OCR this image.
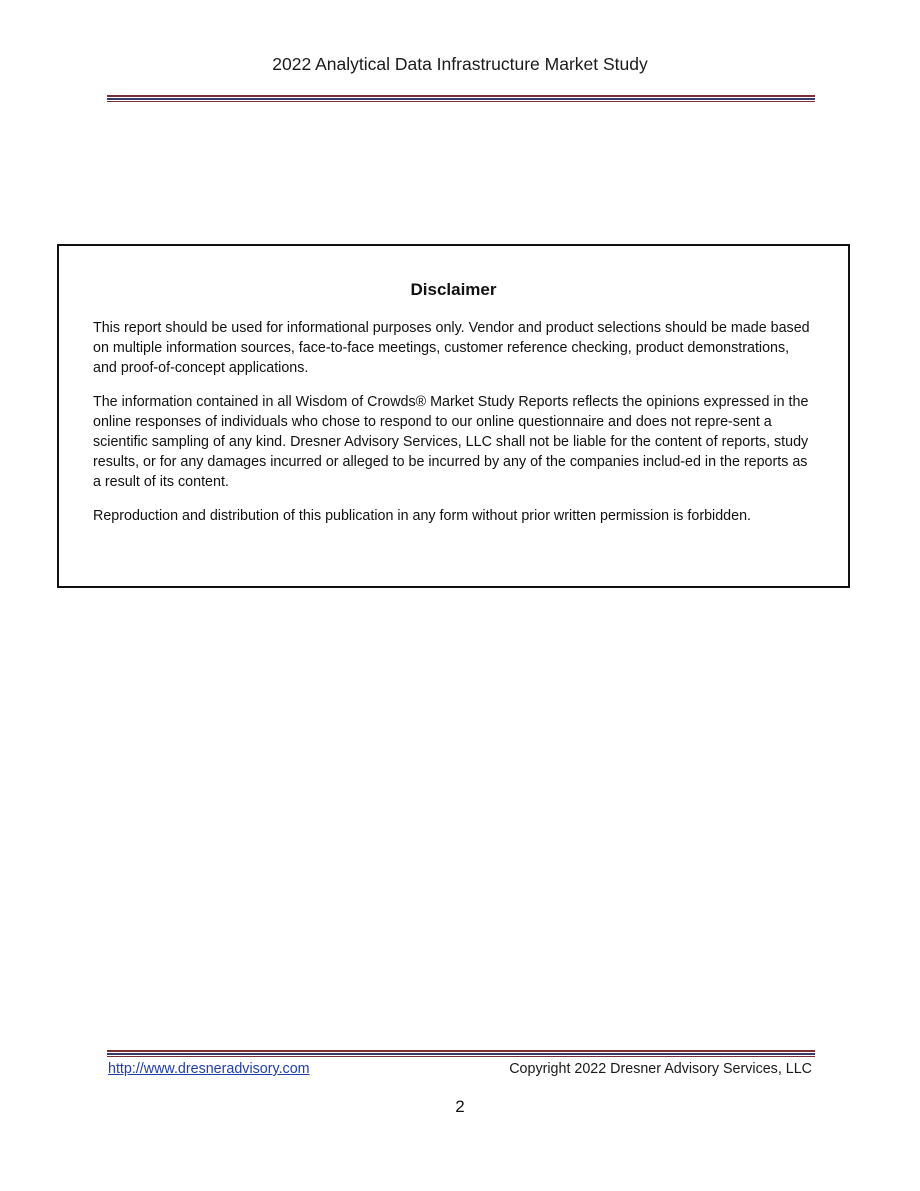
2022 Analytical Data Infrastructure Market Study
Disclaimer

This report should be used for informational purposes only. Vendor and product selections should be made based on multiple information sources, face-to-face meetings, customer reference checking, product demonstrations, and proof-of-concept applications.

The information contained in all Wisdom of Crowds® Market Study Reports reflects the opinions expressed in the online responses of individuals who chose to respond to our online questionnaire and does not repre-sent a scientific sampling of any kind. Dresner Advisory Services, LLC shall not be liable for the content of reports, study results, or for any damages incurred or alleged to be incurred by any of the companies includ-ed in the reports as a result of its content.

Reproduction and distribution of this publication in any form without prior written permission is forbidden.

http://www.dresneradvisory.com	Copyright 2022 Dresner Advisory Services, LLC
2
